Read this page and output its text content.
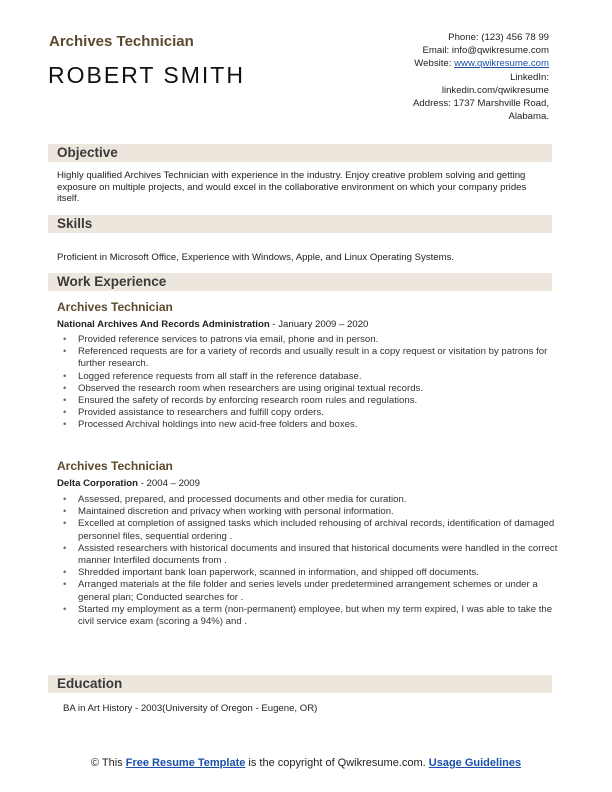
Archives Technician
ROBERT SMITH
Phone: (123) 456 78 99
Email: info@qwikresume.com
Website: www.qwikresume.com
LinkedIn:
linkedin.com/qwikresume
Address: 1737 Marshville Road,
Alabama.
Objective
Highly qualified Archives Technician with experience in the industry. Enjoy creative problem solving and getting exposure on multiple projects, and would excel in the collaborative environment on which your company prides itself.
Skills
Proficient in Microsoft Office, Experience with Windows, Apple, and Linux Operating Systems.
Work Experience
Archives Technician
National Archives And Records Administration - January 2009 – 2020
• Provided reference services to patrons via email, phone and in person.
• Referenced requests are for a variety of records and usually result in a copy request or visitation by patrons for further research.
• Logged reference requests from all staff in the reference database.
• Observed the research room when researchers are using original textual records.
• Ensured the safety of records by enforcing research room rules and regulations.
• Provided assistance to researchers and fulfill copy orders.
• Processed Archival holdings into new acid-free folders and boxes.
Archives Technician
Delta Corporation - 2004 – 2009
• Assessed, prepared, and processed documents and other media for curation.
• Maintained discretion and privacy when working with personal information.
• Excelled at completion of assigned tasks which included rehousing of archival records, identification of damaged personnel files, sequential ordering .
• Assisted researchers with historical documents and insured that historical documents were handled in the correct manner Interfiled documents from .
• Shredded important bank loan paperwork, scanned in information, and shipped off documents.
• Arranged materials at the file folder and series levels under predetermined arrangement schemes or under a general plan; Conducted searches for .
• Started my employment as a term (non-permanent) employee, but when my term expired, I was able to take the civil service exam (scoring a 94%) and .
Education
BA in Art History - 2003(University of Oregon - Eugene, OR)
© This Free Resume Template is the copyright of Qwikresume.com. Usage Guidelines
